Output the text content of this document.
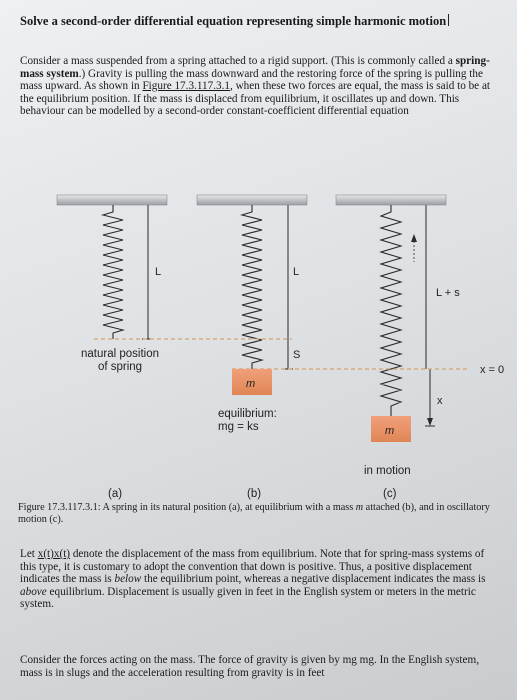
Solve a second-order differential equation representing simple harmonic motion
Consider a mass suspended from a spring attached to a rigid support. (This is commonly called a spring-mass system.) Gravity is pulling the mass downward and the restoring force of the spring is pulling the mass upward. As shown in Figure 17.3.117.3.1, when these two forces are equal, the mass is said to be at the equilibrium position. If the mass is displaced from equilibrium, it oscillates up and down. This behaviour can be modelled by a second-order constant-coefficient differential equation
L	L
S
L + s
x = 0
x
m
m
natural position
of spring
equilibrium:
mg = ks
in motion
(a)	(b)	(c)
Figure 17.3.117.3.1: A spring in its natural position (a), at equilibrium with a mass m attached (b), and in oscillatory motion (c).
Let x(t)x(t) denote the displacement of the mass from equilibrium. Note that for spring-mass systems of this type, it is customary to adopt the convention that down is positive. Thus, a positive displacement indicates the mass is below the equilibrium point, whereas a negative displacement indicates the mass is above equilibrium. Displacement is usually given in feet in the English system or meters in the metric system.
Consider the forces acting on the mass. The force of gravity is given by mg mg. In the English system, mass is in slugs and the acceleration resulting from gravity is in feet
